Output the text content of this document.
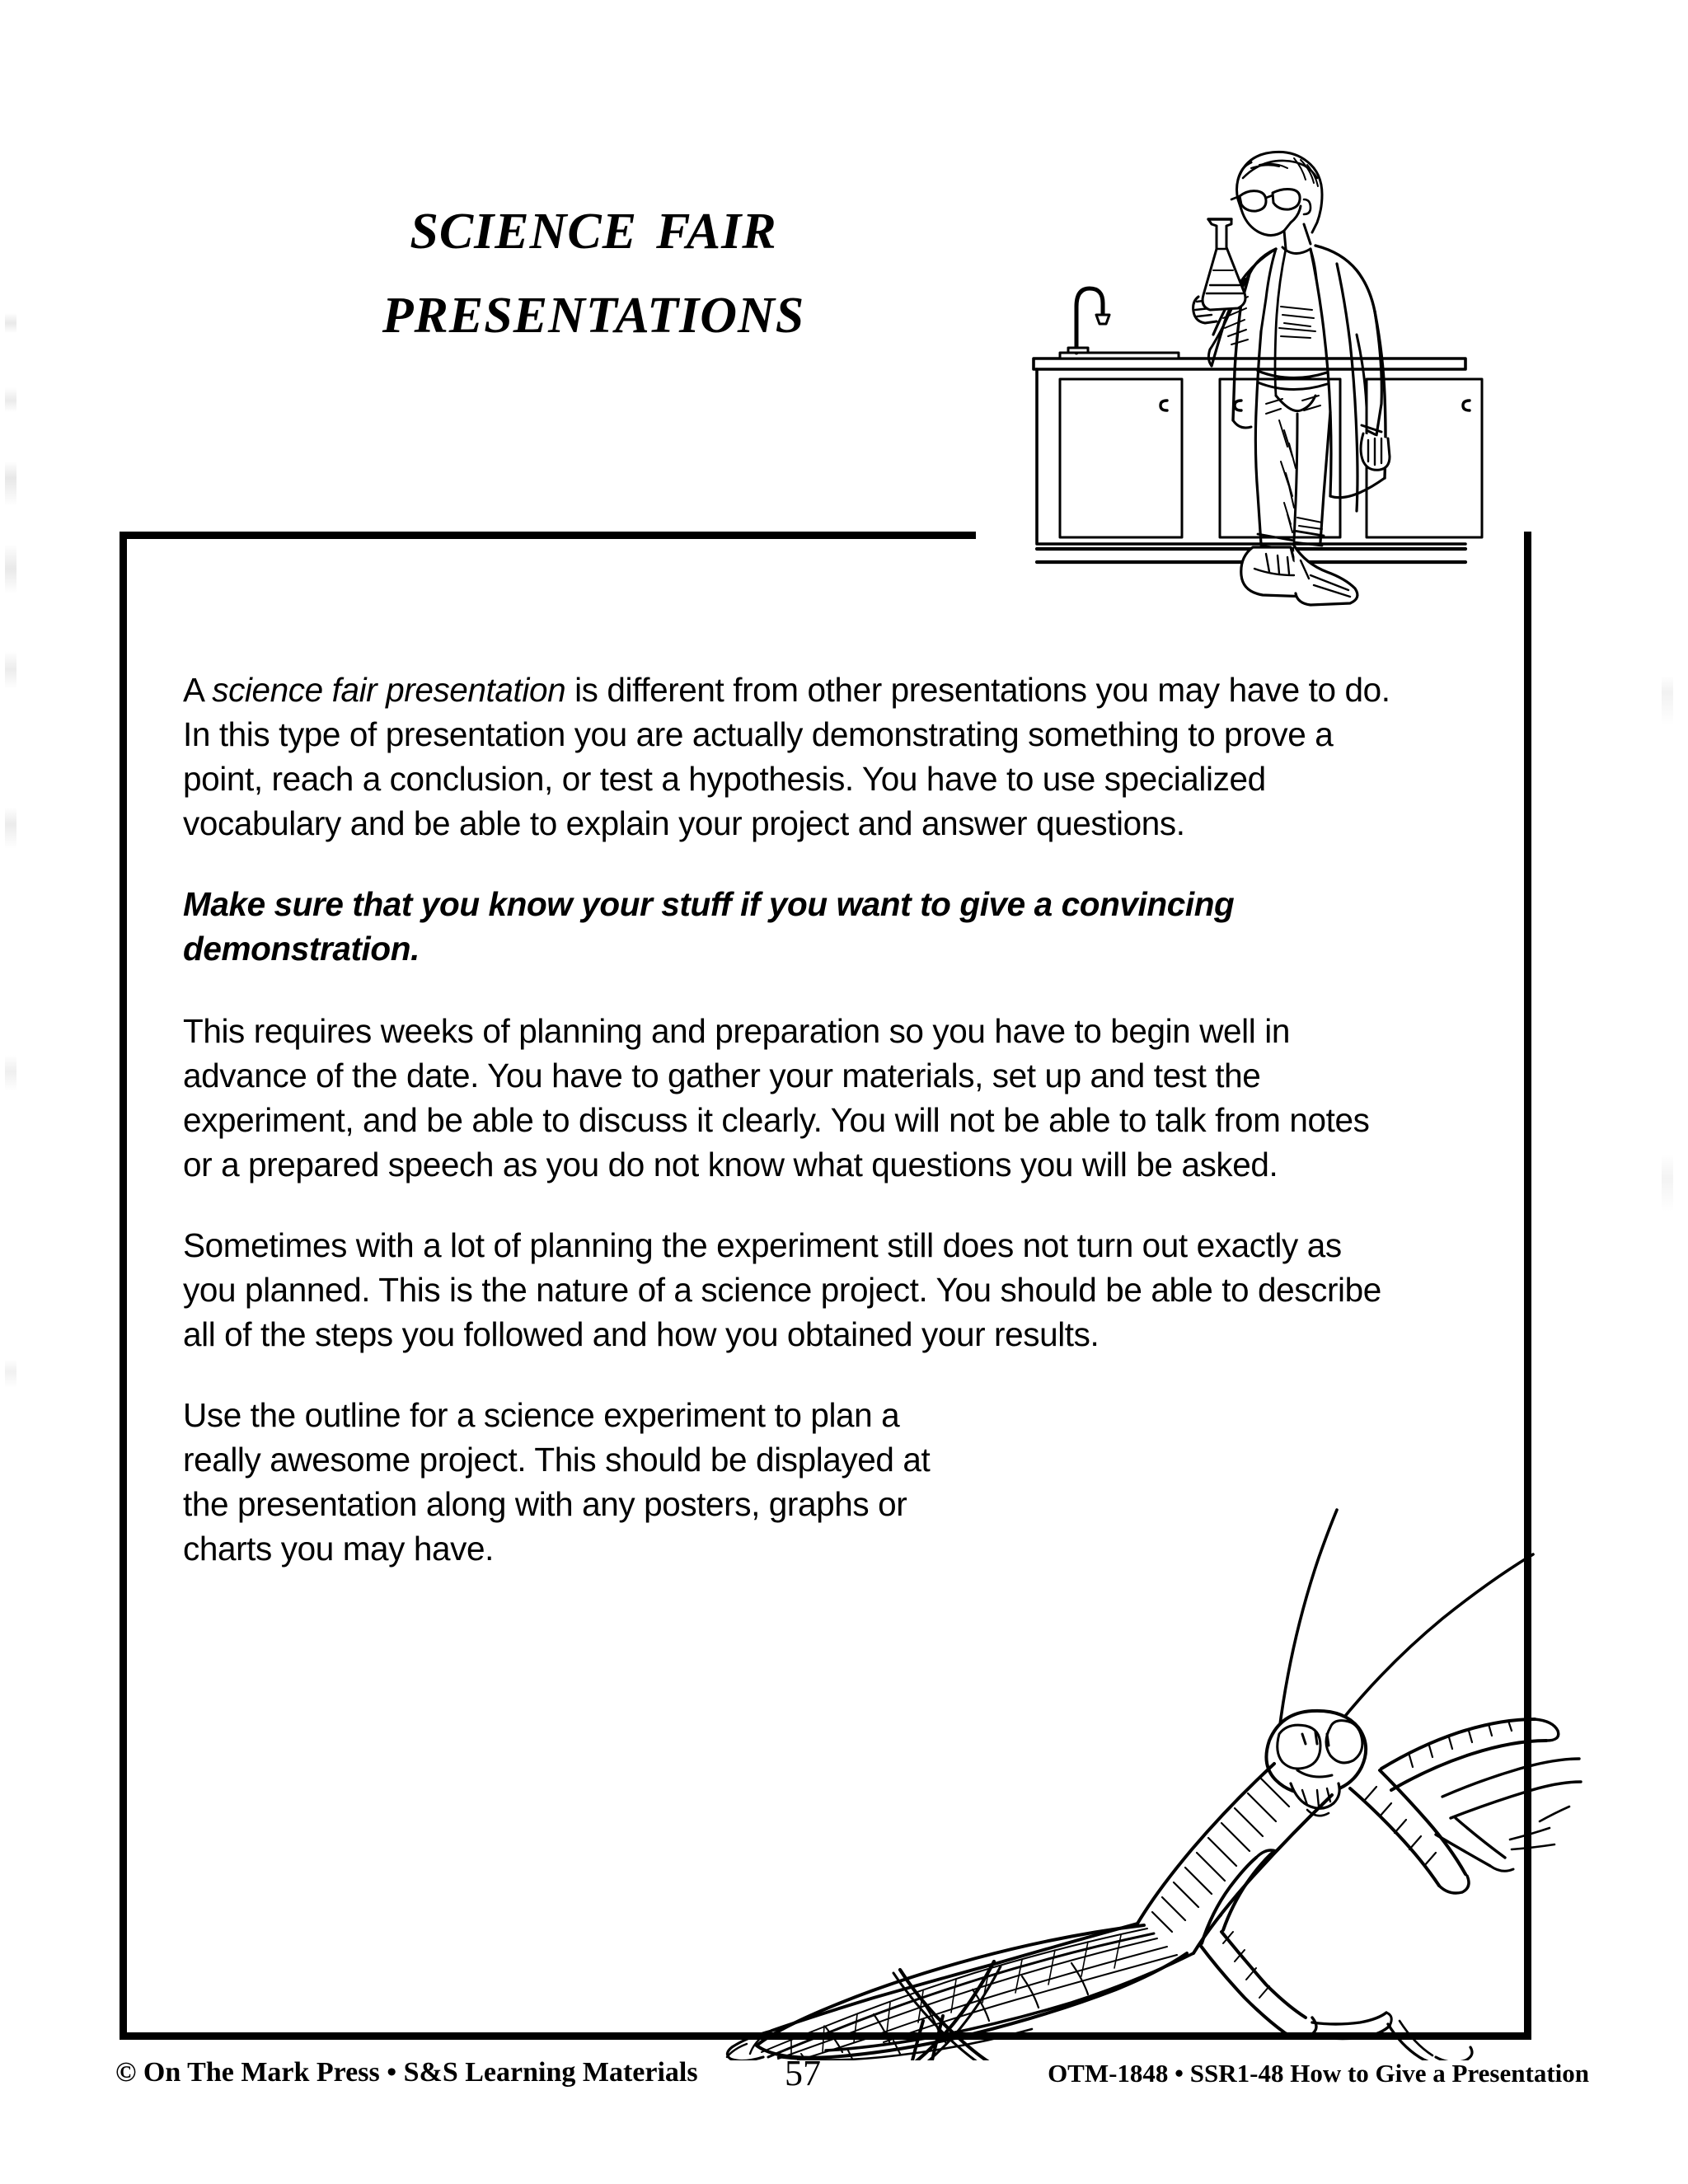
science fair
presentations

A science fair presentation is different from other presentations you may have to do. In this type of presentation you are actually demonstrating something to prove a point, reach a conclusion, or test a hypothesis. You have to use specialized vocabulary and be able to explain your project and answer questions.

Make sure that you know your stuff if you want to give a convincing demonstration.

This requires weeks of planning and preparation so you have to begin well in advance of the date. You have to gather your materials, set up and test the experiment, and be able to discuss it clearly. You will not be able to talk from notes or a prepared speech as you do not know what questions you will be asked.

Sometimes with a lot of planning the experiment still does not turn out exactly as you planned. This is the nature of a science project. You should be able to describe all of the steps you followed and how you obtained your results.

Use the outline for a science experiment to plan a really awesome project. This should be displayed at the presentation along with any posters, graphs or charts you may have.

© On The Mark Press • S&S Learning Materials 57	OTM-1848 • SSR1-48 How to Give a Presentation
